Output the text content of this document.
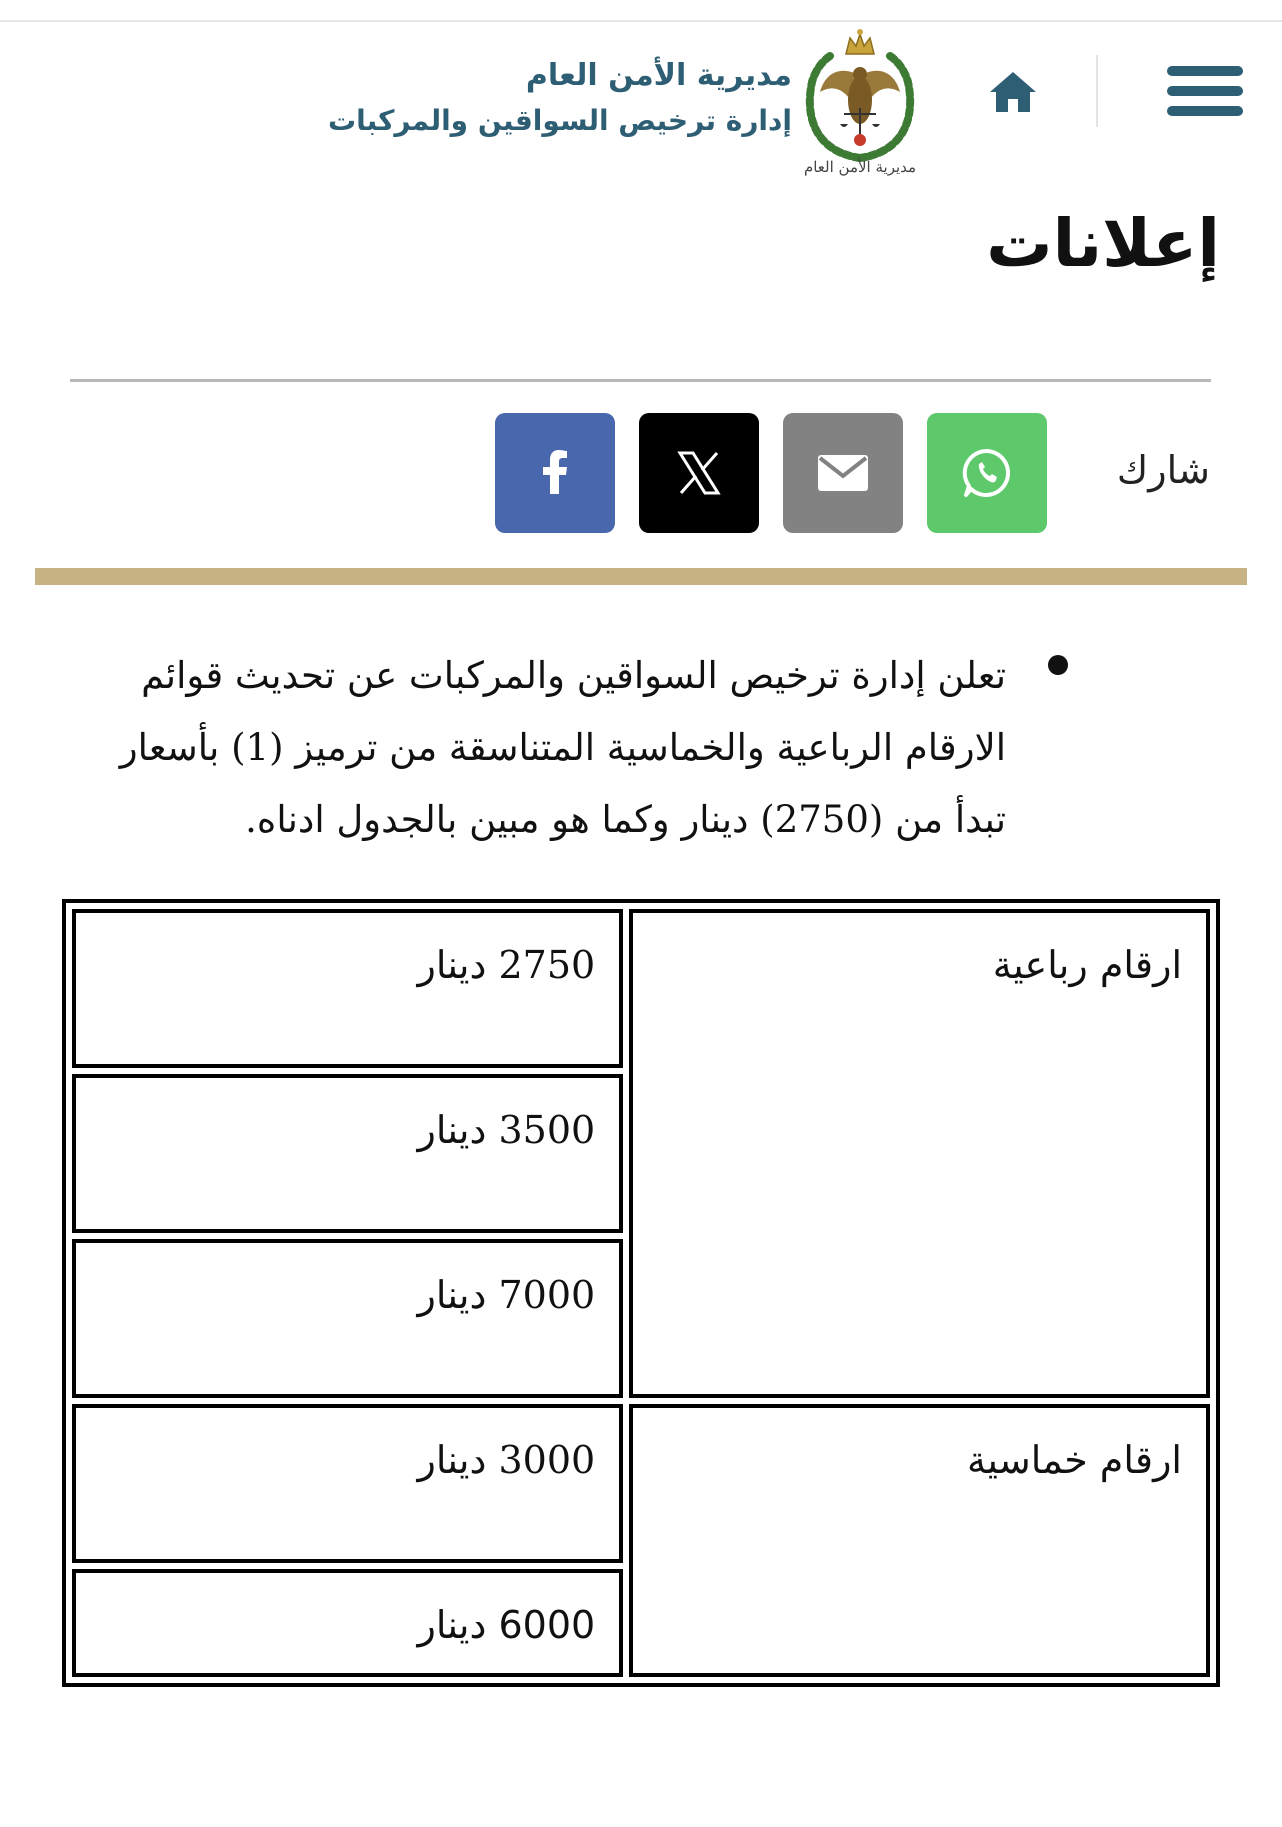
مديرية الأمن العام
مديرية الأمن العام
إدارة ترخيص السواقين والمركبات
إعلانات
شارك

تعلن إدارة ترخيص السواقين والمركبات عن تحديث قوائم الارقام الرباعية والخماسية المتناسقة من ترميز (1) بأسعار تبدأ من (2750) دينار وكما هو مبين بالجدول ادناه.

ارقام رباعية	2750 دينار
	3500 دينار
	7000 دينار
ارقام خماسية	3000 دينار
	6000 دينار
